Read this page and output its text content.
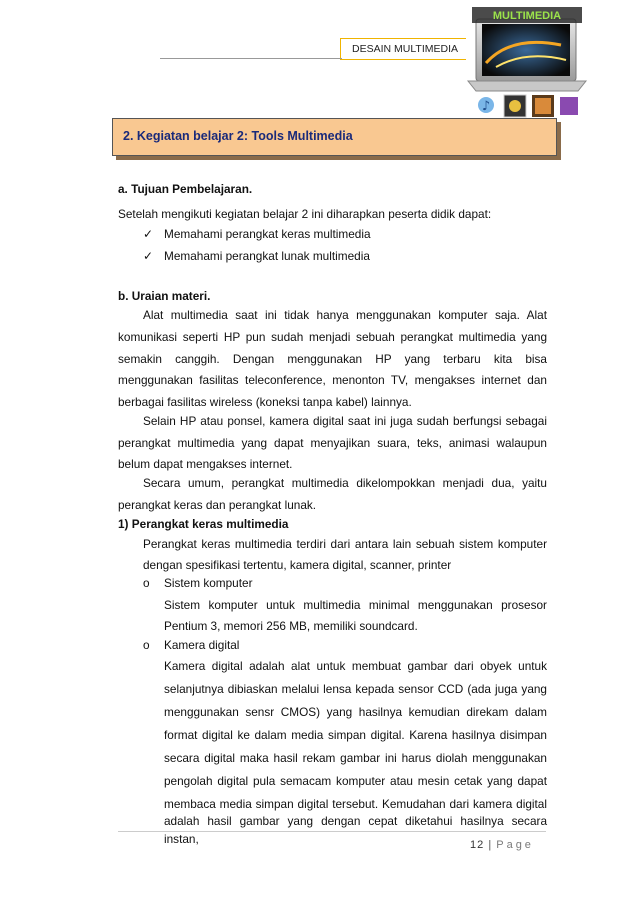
DESAIN MULTIMEDIA
MULTIMEDIA
♪
2. Kegiatan belajar 2: Tools Multimedia
a. Tujuan Pembelajaran.
Setelah mengikuti kegiatan belajar 2 ini diharapkan peserta didik dapat:
✓ Memahami perangkat keras multimedia
✓ Memahami perangkat lunak multimedia
b. Uraian materi.
Alat multimedia saat ini tidak hanya menggunakan komputer saja. Alat
komunikasi seperti HP pun sudah menjadi sebuah perangkat multimedia yang
semakin canggih. Dengan menggunakan HP yang terbaru kita bisa
menggunakan fasilitas teleconference, menonton TV, mengakses internet dan
berbagai fasilitas wireless (koneksi tanpa kabel) lainnya.
Selain HP atau ponsel, kamera digital saat ini juga sudah berfungsi sebagai
perangkat multimedia yang dapat menyajikan suara, teks, animasi walaupun
belum dapat mengakses internet.
Secara umum, perangkat multimedia dikelompokkan menjadi dua, yaitu
perangkat keras dan perangkat lunak.
1) Perangkat keras multimedia
Perangkat keras multimedia terdiri dari antara lain sebuah sistem komputer
dengan spesifikasi tertentu, kamera digital, scanner, printer
o Sistem komputer
Sistem komputer untuk multimedia minimal menggunakan prosesor
Pentium 3, memori 256 MB, memiliki soundcard.
o Kamera digital
Kamera digital adalah alat untuk membuat gambar dari obyek untuk
selanjutnya dibiaskan melalui lensa kepada sensor CCD (ada juga yang
menggunakan sensr CMOS) yang hasilnya kemudian direkam dalam
format digital ke dalam media simpan digital. Karena hasilnya disimpan
secara digital maka hasil rekam gambar ini harus diolah menggunakan
pengolah digital pula semacam komputer atau mesin cetak yang dapat
membaca media simpan digital tersebut. Kemudahan dari kamera digital
adalah hasil gambar yang dengan cepat diketahui hasilnya secara instan,	12 | Page
